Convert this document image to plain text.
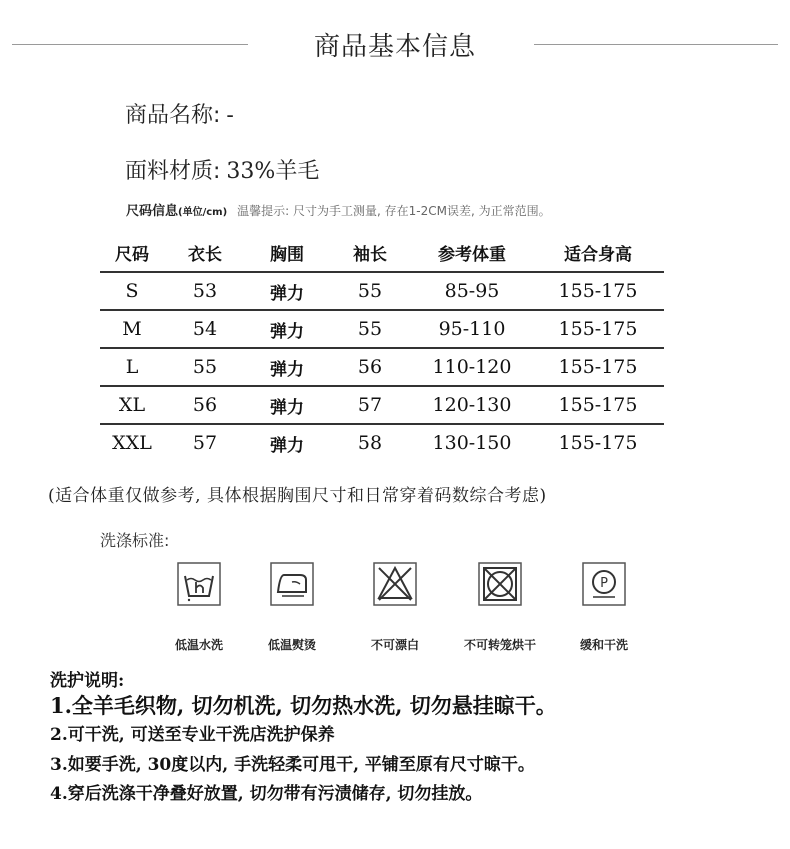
商品基本信息
商品名称: -
面料材质: 33%羊毛
尺码信息(单位/cm) 温馨提示: 尺寸为手工测量, 存在1-2CM误差, 为正常范围。
尺码	衣长	胸围	袖长	参考体重	适合身高
S	53	弹力	55	85-95	155-175
M	54	弹力	55	95-110	155-175
L	55	弹力	56	110-120	155-175
XL	56	弹力	57	120-130	155-175
XXL	57	弹力	58	130-150	155-175
(适合体重仅做参考, 具体根据胸围尺寸和日常穿着码数综合考虑)
洗涤标准:
P
低温水洗	低温熨烫	不可漂白	不可转笼烘干	缓和干洗
洗护说明:
1.全羊毛织物, 切勿机洗, 切勿热水洗, 切勿悬挂晾干。
2.可干洗, 可送至专业干洗店洗护保养
3.如要手洗, 30度以内, 手洗轻柔可甩干, 平铺至原有尺寸晾干。
4.穿后洗涤干净叠好放置, 切勿带有污渍储存, 切勿挂放。
